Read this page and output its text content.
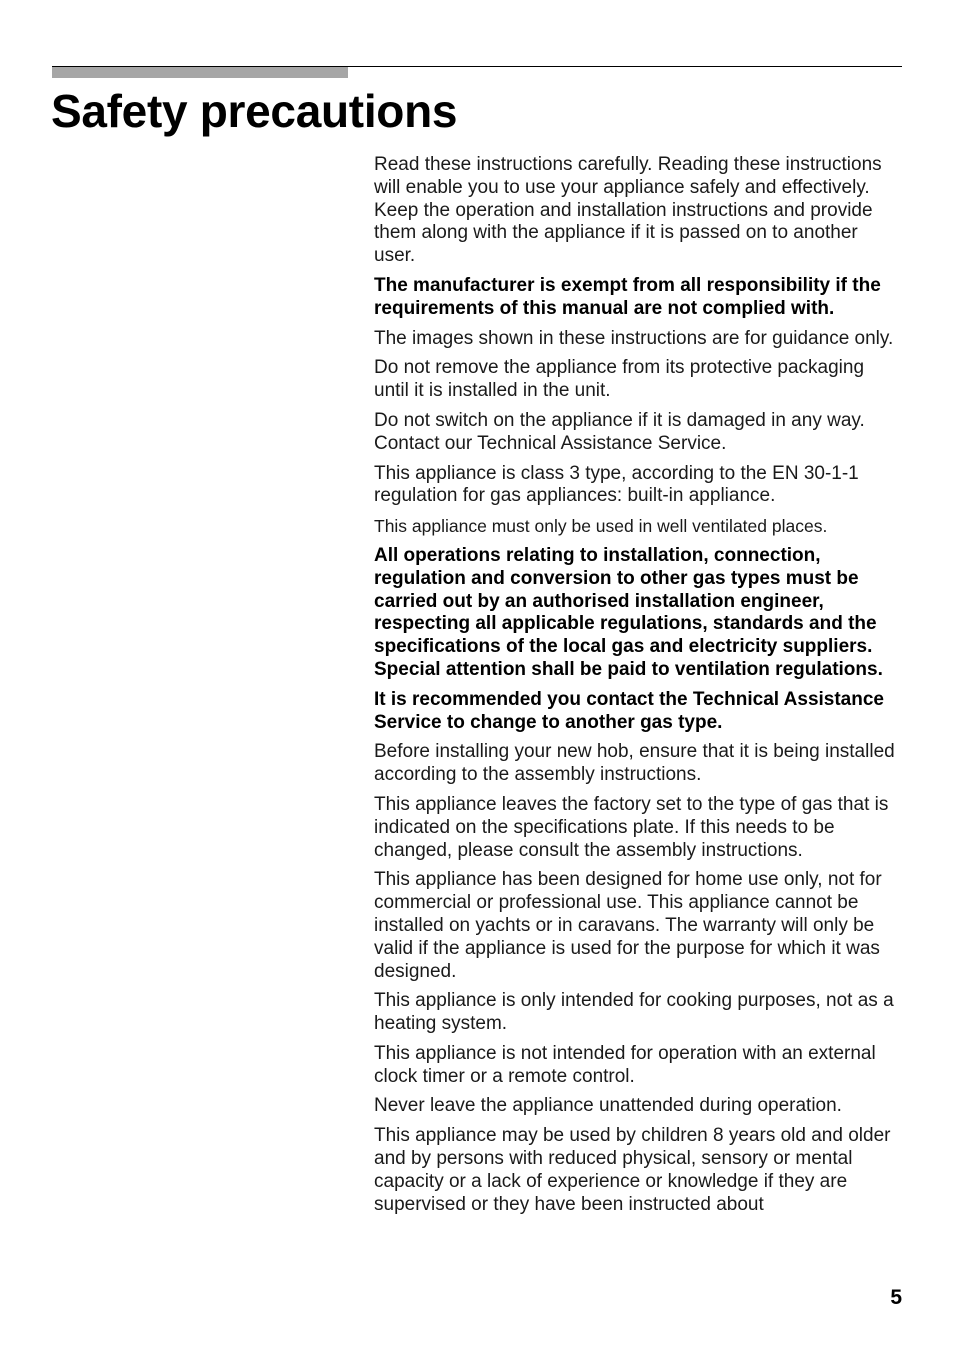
Safety precautions

Read these instructions carefully. Reading these instructions will enable you to use your appliance safely and effectively. Keep the operation and installation instructions and provide them along with the appliance if it is passed on to another user.

The manufacturer is exempt from all responsibility if the requirements of this manual are not complied with.

The images shown in these instructions are for guidance only.

Do not remove the appliance from its protective packaging until it is installed in the unit.

Do not switch on the appliance if it is damaged in any way. Contact our Technical Assistance Service.

This appliance is class 3 type, according to the EN 30-1-1 regulation for gas appliances: built-in appliance.

This appliance must only be used in well ventilated places.

All operations relating to installation, connection, regulation and conversion to other gas types must be carried out by an authorised installation engineer, respecting all applicable regulations, standards and the specifications of the local gas and electricity suppliers. Special attention shall be paid to ventilation regulations.

It is recommended you contact the Technical Assistance Service to change to another gas type.

Before installing your new hob, ensure that it is being installed according to the assembly instructions.

This appliance leaves the factory set to the type of gas that is indicated on the specifications plate. If this needs to be changed, please consult the assembly instructions.

This appliance has been designed for home use only, not for commercial or professional use. This appliance cannot be installed on yachts or in caravans. The warranty will only be valid if the appliance is used for the purpose for which it was designed.

This appliance is only intended for cooking purposes, not as a heating system.

This appliance is not intended for operation with an external clock timer or a remote control.

Never leave the appliance unattended during operation.

This appliance may be used by children 8 years old and older and by persons with reduced physical, sensory or mental capacity or a lack of experience or knowledge if they are supervised or they have been instructed about

5
